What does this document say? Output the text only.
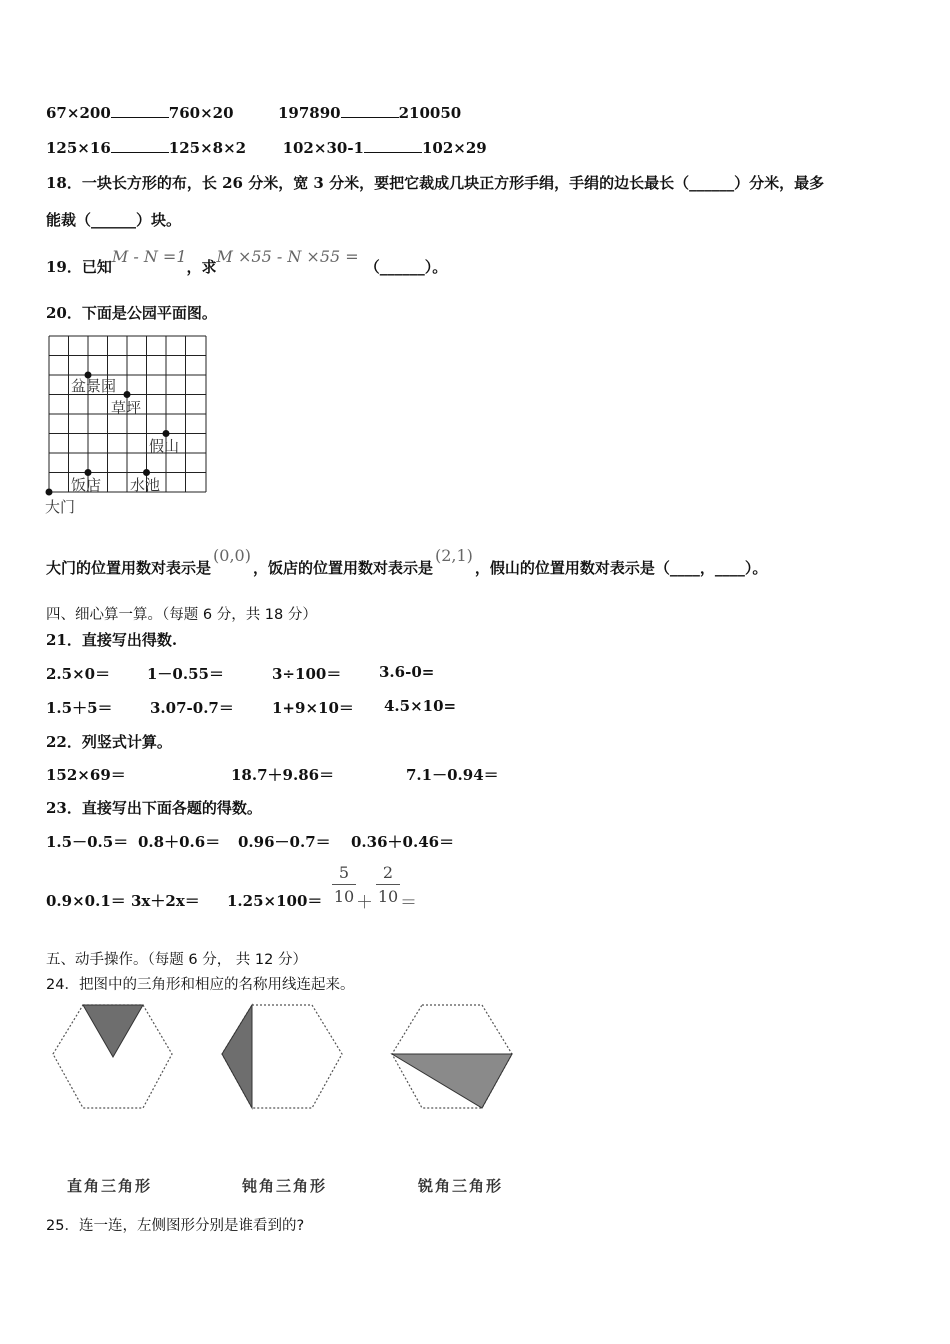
67×200	760×20	197890	210050
125×16	125×8×2 102×30-1	102×29
18．一块长方形的布，长 26 分米，宽 3 分米，要把它裁成几块正方形手绢，手绢的边长最长（______）分米，最多
能裁（______）块。
19．已知M - N =1，求M ×55 - N ×55 =（______）。
20．下面是公园平面图。
盆景园
草坪
假山
饭店 水池
大门
大门的位置用数对表示是(0,0)，饭店的位置用数对表示是(2,1)，假山的位置用数对表示是（____，____）。
四、细心算一算。（每题 6 分，共 18 分）
21．直接写出得数.
2.5×0＝ 1－0.55＝	3÷100＝	3.6-0=
1.5＋5＝ 3.07-0.7＝	1+9×10＝ 4.5×10=
22．列竖式计算。
152×69＝	18.7＋9.86＝	7.1－0.94＝
23．直接写出下面各题的得数。
1.5－0.5＝ 0.8＋0.6＝ 0.96－0.7＝ 0.36＋0.46＝
0.9×0.1＝ 3x＋2x＝ 1.25×100＝
5
10 ＋
2
10 ＝
五、动手操作。（每题 6 分， 共 12 分）
24．把图中的三角形和相应的名称用线连起来。
直角三角形	钝角三角形	锐角三角形
25．连一连，左侧图形分别是谁看到的?
